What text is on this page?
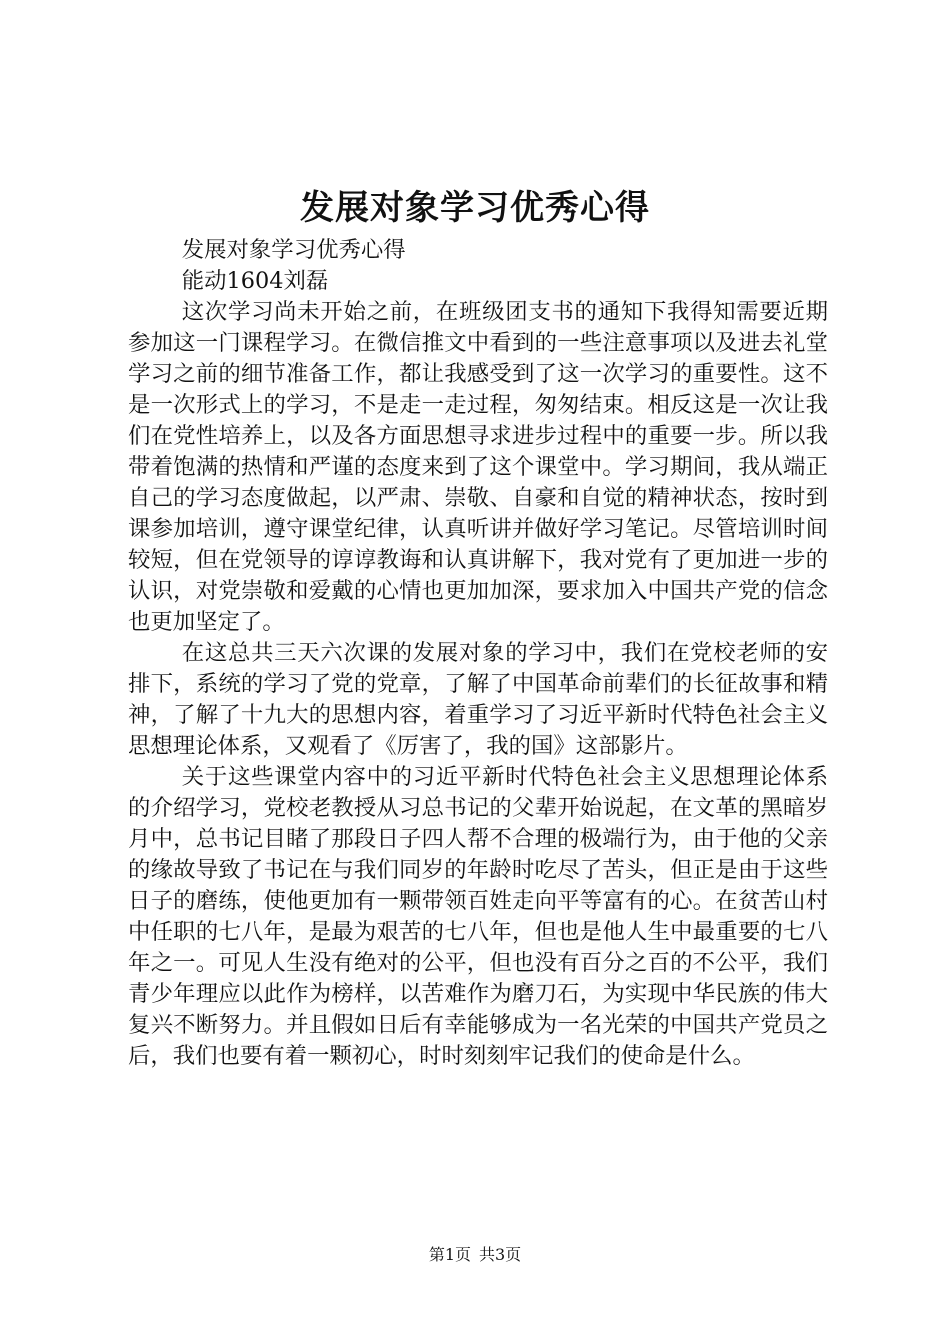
发展对象学习优秀心得

发展对象学习优秀心得

能动1604刘磊

这次学习尚未开始之前，在班级团支书的通知下我得知需要近期参加这一门课程学习。在微信推文中看到的一些注意事项以及进去礼堂学习之前的细节准备工作，都让我感受到了这一次学习的重要性。这不是一次形式上的学习，不是走一走过程，匆匆结束。相反这是一次让我们在党性培养上，以及各方面思想寻求进步过程中的重要一步。所以我带着饱满的热情和严谨的态度来到了这个课堂中。学习期间，我从端正自己的学习态度做起，以严肃、崇敬、自豪和自觉的精神状态，按时到课参加培训，遵守课堂纪律，认真听讲并做好学习笔记。尽管培训时间较短，但在党领导的谆谆教诲和认真讲解下，我对党有了更加进一步的认识，对党崇敬和爱戴的心情也更加加深，要求加入中国共产党的信念也更加坚定了。

在这总共三天六次课的发展对象的学习中，我们在党校老师的安排下，系统的学习了党的党章，了解了中国革命前辈们的长征故事和精神，了解了十九大的思想内容，着重学习了习近平新时代特色社会主义思想理论体系，又观看了《厉害了，我的国》这部影片。

关于这些课堂内容中的习近平新时代特色社会主义思想理论体系的介绍学习，党校老教授从习总书记的父辈开始说起，在文革的黑暗岁月中，总书记目睹了那段日子四人帮不合理的极端行为，由于他的父亲的缘故导致了书记在与我们同岁的年龄时吃尽了苦头，但正是由于这些日子的磨练，使他更加有一颗带领百姓走向平等富有的心。在贫苦山村中任职的七八年，是最为艰苦的七八年，但也是他人生中最重要的七八年之一。可见人生没有绝对的公平，但也没有百分之百的不公平，我们青少年理应以此作为榜样，以苦难作为磨刀石，为实现中华民族的伟大复兴不断努力。并且假如日后有幸能够成为一名光荣的中国共产党员之后，我们也要有着一颗初心，时时刻刻牢记我们的使命是什么。

第1页 共3页
